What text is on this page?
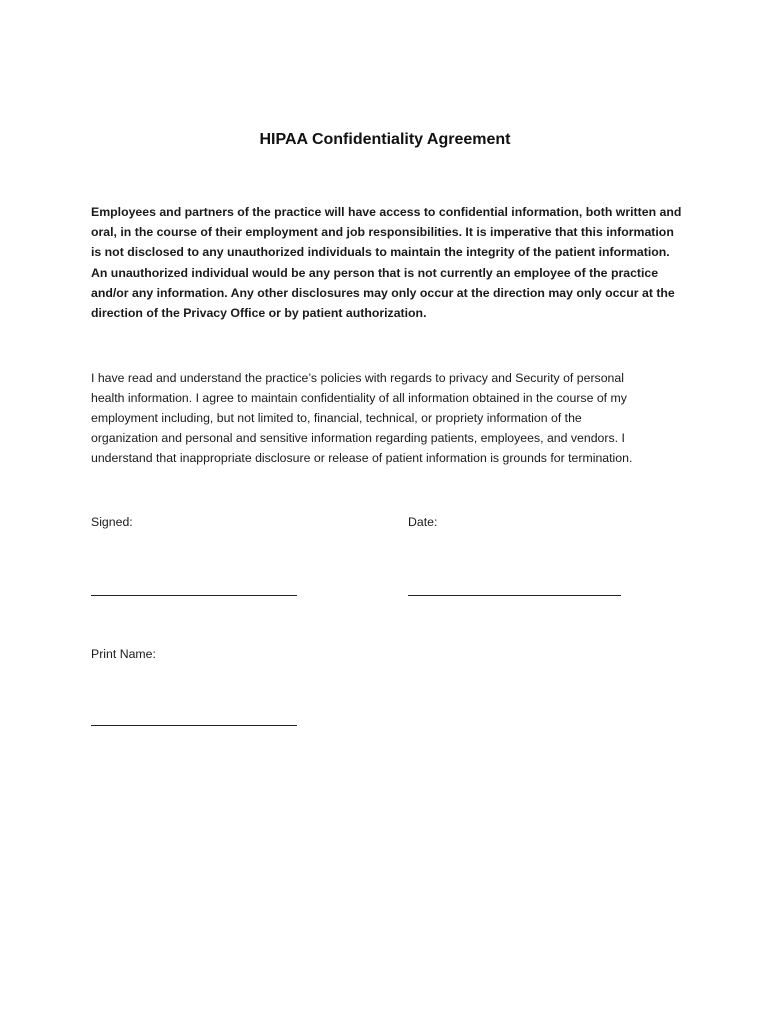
HIPAA Confidentiality Agreement
Employees and partners of the practice will have access to confidential information, both written and
oral, in the course of their employment and job responsibilities. It is imperative that this information
is not disclosed to any unauthorized individuals to maintain the integrity of the patient information.
An unauthorized individual would be any person that is not currently an employee of the practice
and/or any information. Any other disclosures may only occur at the direction may only occur at the
direction of the Privacy Office or by patient authorization.
I have read and understand the practice’s policies with regards to privacy and Security of personal
health information. I agree to maintain confidentiality of all information obtained in the course of my
employment including, but not limited to, financial, technical, or propriety information of the
organization and personal and sensitive information regarding patients, employees, and vendors. I
understand that inappropriate disclosure or release of patient information is grounds for termination.
Signed:	Date:
Print Name:
